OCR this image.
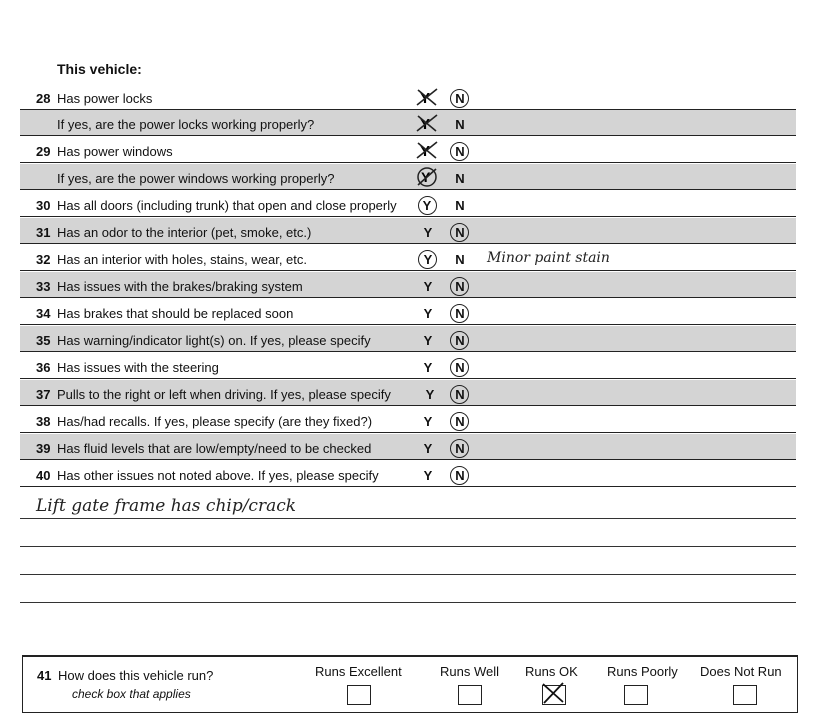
This vehicle:
28 Has power locks	Y N
If yes, are the power locks working properly?	Y N
29 Has power windows	Y N
If yes, are the power windows working properly?	Y N
30 Has all doors (including trunk) that open and close properly Y N
31 Has an odor to the interior (pet, smoke, etc.)	Y N
32 Has an interior with holes, stains, wear, etc.	Y N Minor paint stain
33 Has issues with the brakes/braking system	Y N
34 Has brakes that should be replaced soon	Y N
35 Has warning/indicator light(s) on. If yes, please specify	Y N
36 Has issues with the steering	Y N
37 Pulls to the right or left when driving. If yes, please specify	Y N
38 Has/had recalls. If yes, please specify (are they fixed?)	Y N
39 Has fluid levels that are low/empty/need to be checked	Y N
40 Has other issues not noted above. If yes, please specify	Y N
Lift gate frame has chip/crack
41 How does this vehicle run?
check box that applies
Runs Excellent	Runs Well Runs OK Runs Poorly Does Not Run
